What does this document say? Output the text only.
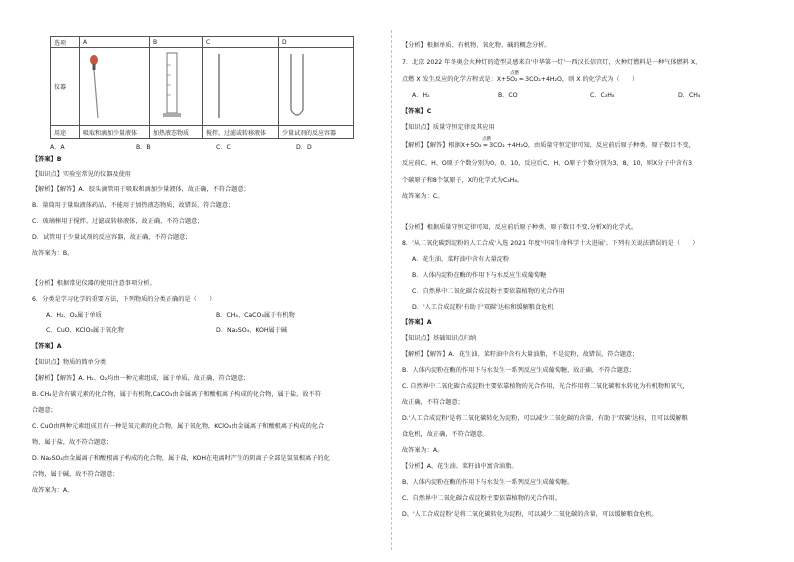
选项	A	B	C	D
仪器	

用途	吸取和滴加少量液体	加热液态物质	搅拌、过滤或转移液体	少量试剂的反应容器
A．A	B．B	C．C	D．D
【答案】B
【知识点】实验室常见的仪器及使用
【解析】【解答】A．胶头滴管用于吸取和滴加少量液体，故正确，不符合题意；
B．量筒用于量取液体药品，不能用于加热液态物质，故错误，符合题意；
C．玻璃棒用于搅拌、过滤或转移液体，故正确，不符合题意；
D．试管用于少量试剂的反应容器，故正确，不符合题意；
故答案为：B。
【分析】根据常见仪器的使用注意事项分析。
6．分类是学习化学的重要方法，下列物质的分类正确的是（　　）
A．H₂、O₂属于单质	B．CH₄、CaCO₃属于有机物
C．CuO、KClO₃属于氧化物	D．Na₂SO₄、KOH属于碱
【答案】A
【知识点】物质的简单分类
【解析】【解答】A. H₂、O₂均由一种元素组成，属于单质，故正确，符合题意；
B. CH₄是含有碳元素的化合物，属于有机物,CaCO₃由金属离子和酸根离子构成的化合物，属于盐，故不符
合题意；
C. CuO由两种元素组成且有一种是氧元素的化合物，属于氧化物，KClO₃由金属离子和酸根离子构成的化合
物，属于盐，故不符合题意；
D. Na₂SO₄由金属离子和酸根离子构成的化合物，属于盐，KOH在电离时产生的阴离子全部是氢氧根离子的化
合物，属于碱，故不符合题意；
故答案为：A。
【分析】根据单质、有机物、氧化物、碱的概念分析。
7．北京 2022 年冬奥会火种灯的造型灵感来自'中华第一灯'一西汉长信宫灯，火种灯燃料是一种气体燃料 X，
点燃
点燃 X 发生反应的化学方程式是：X+5O₂ ═ 3CO₂+4H₂O，则 X 的化学式为（　　）
A．H₂	B．CO	C．C₃H₈	D．CH₄
【答案】C
【知识点】质量守恒定律及其应用
点燃
【解析】【解答】根据X+5O₂ ═ 3CO₂ +4H₂O，由质量守恒定律可知，反应前后原子种类、原子数目不变，
反应前C、H、O原子个数分别为0、0、10，反应后C、H、O原子个数分别为3、8、10，则X分子中含有3
个碳原子和8个氢原子，X的化学式为C₃H₈。
故答案为：C。
【分析】根据质量守恒定律可知，反应前后原子种类、原子数目不变,分析X的化学式。
8．'从二氧化碳到淀粉的人工合成'入选 2021 年度'中国生命科学十大进展'。下列有关说法错误的是（　　）
A．花生油、菜籽油中含有大量淀粉
B．人体内淀粉在酶的作用下与水反应生成葡萄糖
C．自然界中二氧化碳合成淀粉主要依靠植物的光合作用
D．'人工合成淀粉'有助于'双碳'达标和缓解粮食危机
【答案】A
【知识点】基础知识点归纳
【解析】【解答】A．花生油、菜籽油中含有大量油脂，不是淀粉，故错误，符合题意；
B．人体内淀粉在酶的作用下与水发生一系列反应生成葡萄糖，故正确，不符合题意；
C. 自然界中二氧化碳合成淀粉主要依靠植物的光合作用，光合作用将二氧化碳和水转化为有机物和氧气，
故正确，不符合题意；
D.'人工合成淀粉'是将二氧化碳转化为淀粉，可以减少二氧化碳的含量，有助于'双碳'达标，且可以缓解粮
食危机，故正确，不符合题意。
故答案为：A。
【分析】A、花生油、菜籽油中富含油脂。
B、人体内淀粉在酶的作用下与水发生一系列反应生成葡萄糖。
C、自然界中二氧化碳合成淀粉主要依靠植物的光合作用。
D、'人工合成淀粉'是将二氧化碳转化为淀粉，可以减少二氧化碳的含量，可以缓解粮食危机。
